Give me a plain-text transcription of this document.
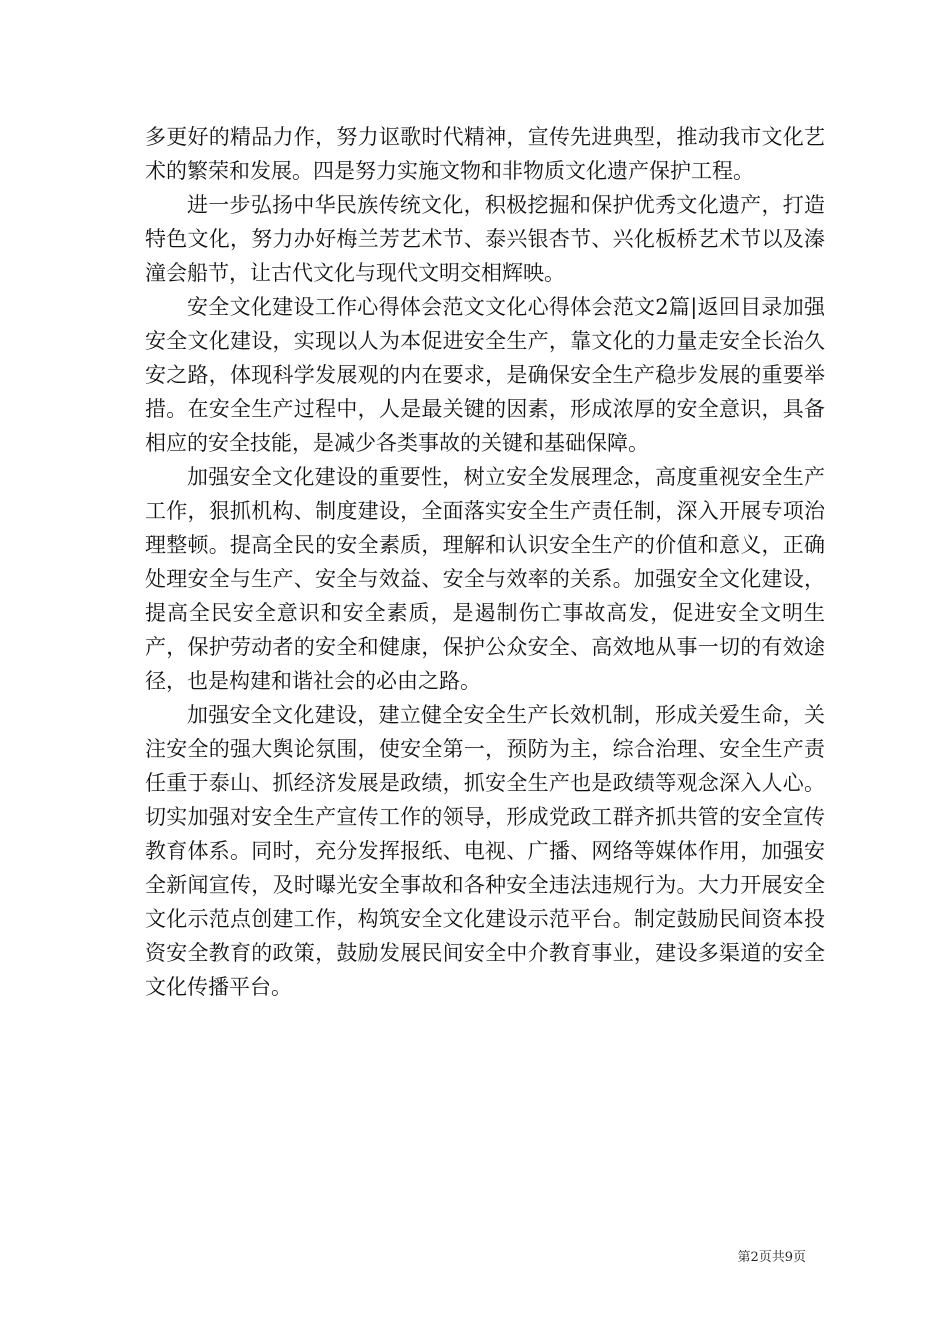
多更好的精品力作，努力讴歌时代精神，宣传先进典型，推动我市文化艺术的繁荣和发展。四是努力实施文物和非物质文化遗产保护工程。

进一步弘扬中华民族传统文化，积极挖掘和保护优秀文化遗产，打造特色文化，努力办好梅兰芳艺术节、泰兴银杏节、兴化板桥艺术节以及溱潼会船节，让古代文化与现代文明交相辉映。

安全文化建设工作心得体会范文文化心得体会范文2篇|返回目录加强安全文化建设，实现以人为本促进安全生产，靠文化的力量走安全长治久安之路，体现科学发展观的内在要求，是确保安全生产稳步发展的重要举措。在安全生产过程中，人是最关键的因素，形成浓厚的安全意识，具备相应的安全技能，是减少各类事故的关键和基础保障。

加强安全文化建设的重要性，树立安全发展理念，高度重视安全生产工作，狠抓机构、制度建设，全面落实安全生产责任制，深入开展专项治理整顿。提高全民的安全素质，理解和认识安全生产的价值和意义，正确处理安全与生产、安全与效益、安全与效率的关系。加强安全文化建设，提高全民安全意识和安全素质，是遏制伤亡事故高发，促进安全文明生产，保护劳动者的安全和健康，保护公众安全、高效地从事一切的有效途径，也是构建和谐社会的必由之路。

加强安全文化建设，建立健全安全生产长效机制，形成关爱生命，关注安全的强大舆论氛围，使安全第一，预防为主，综合治理、安全生产责任重于泰山、抓经济发展是政绩，抓安全生产也是政绩等观念深入人心。切实加强对安全生产宣传工作的领导，形成党政工群齐抓共管的安全宣传教育体系。同时，充分发挥报纸、电视、广播、网络等媒体作用，加强安全新闻宣传，及时曝光安全事故和各种安全违法违规行为。大力开展安全文化示范点创建工作，构筑安全文化建设示范平台。制定鼓励民间资本投资安全教育的政策，鼓励发展民间安全中介教育事业，建设多渠道的安全文化传播平台。

第2页共9页
